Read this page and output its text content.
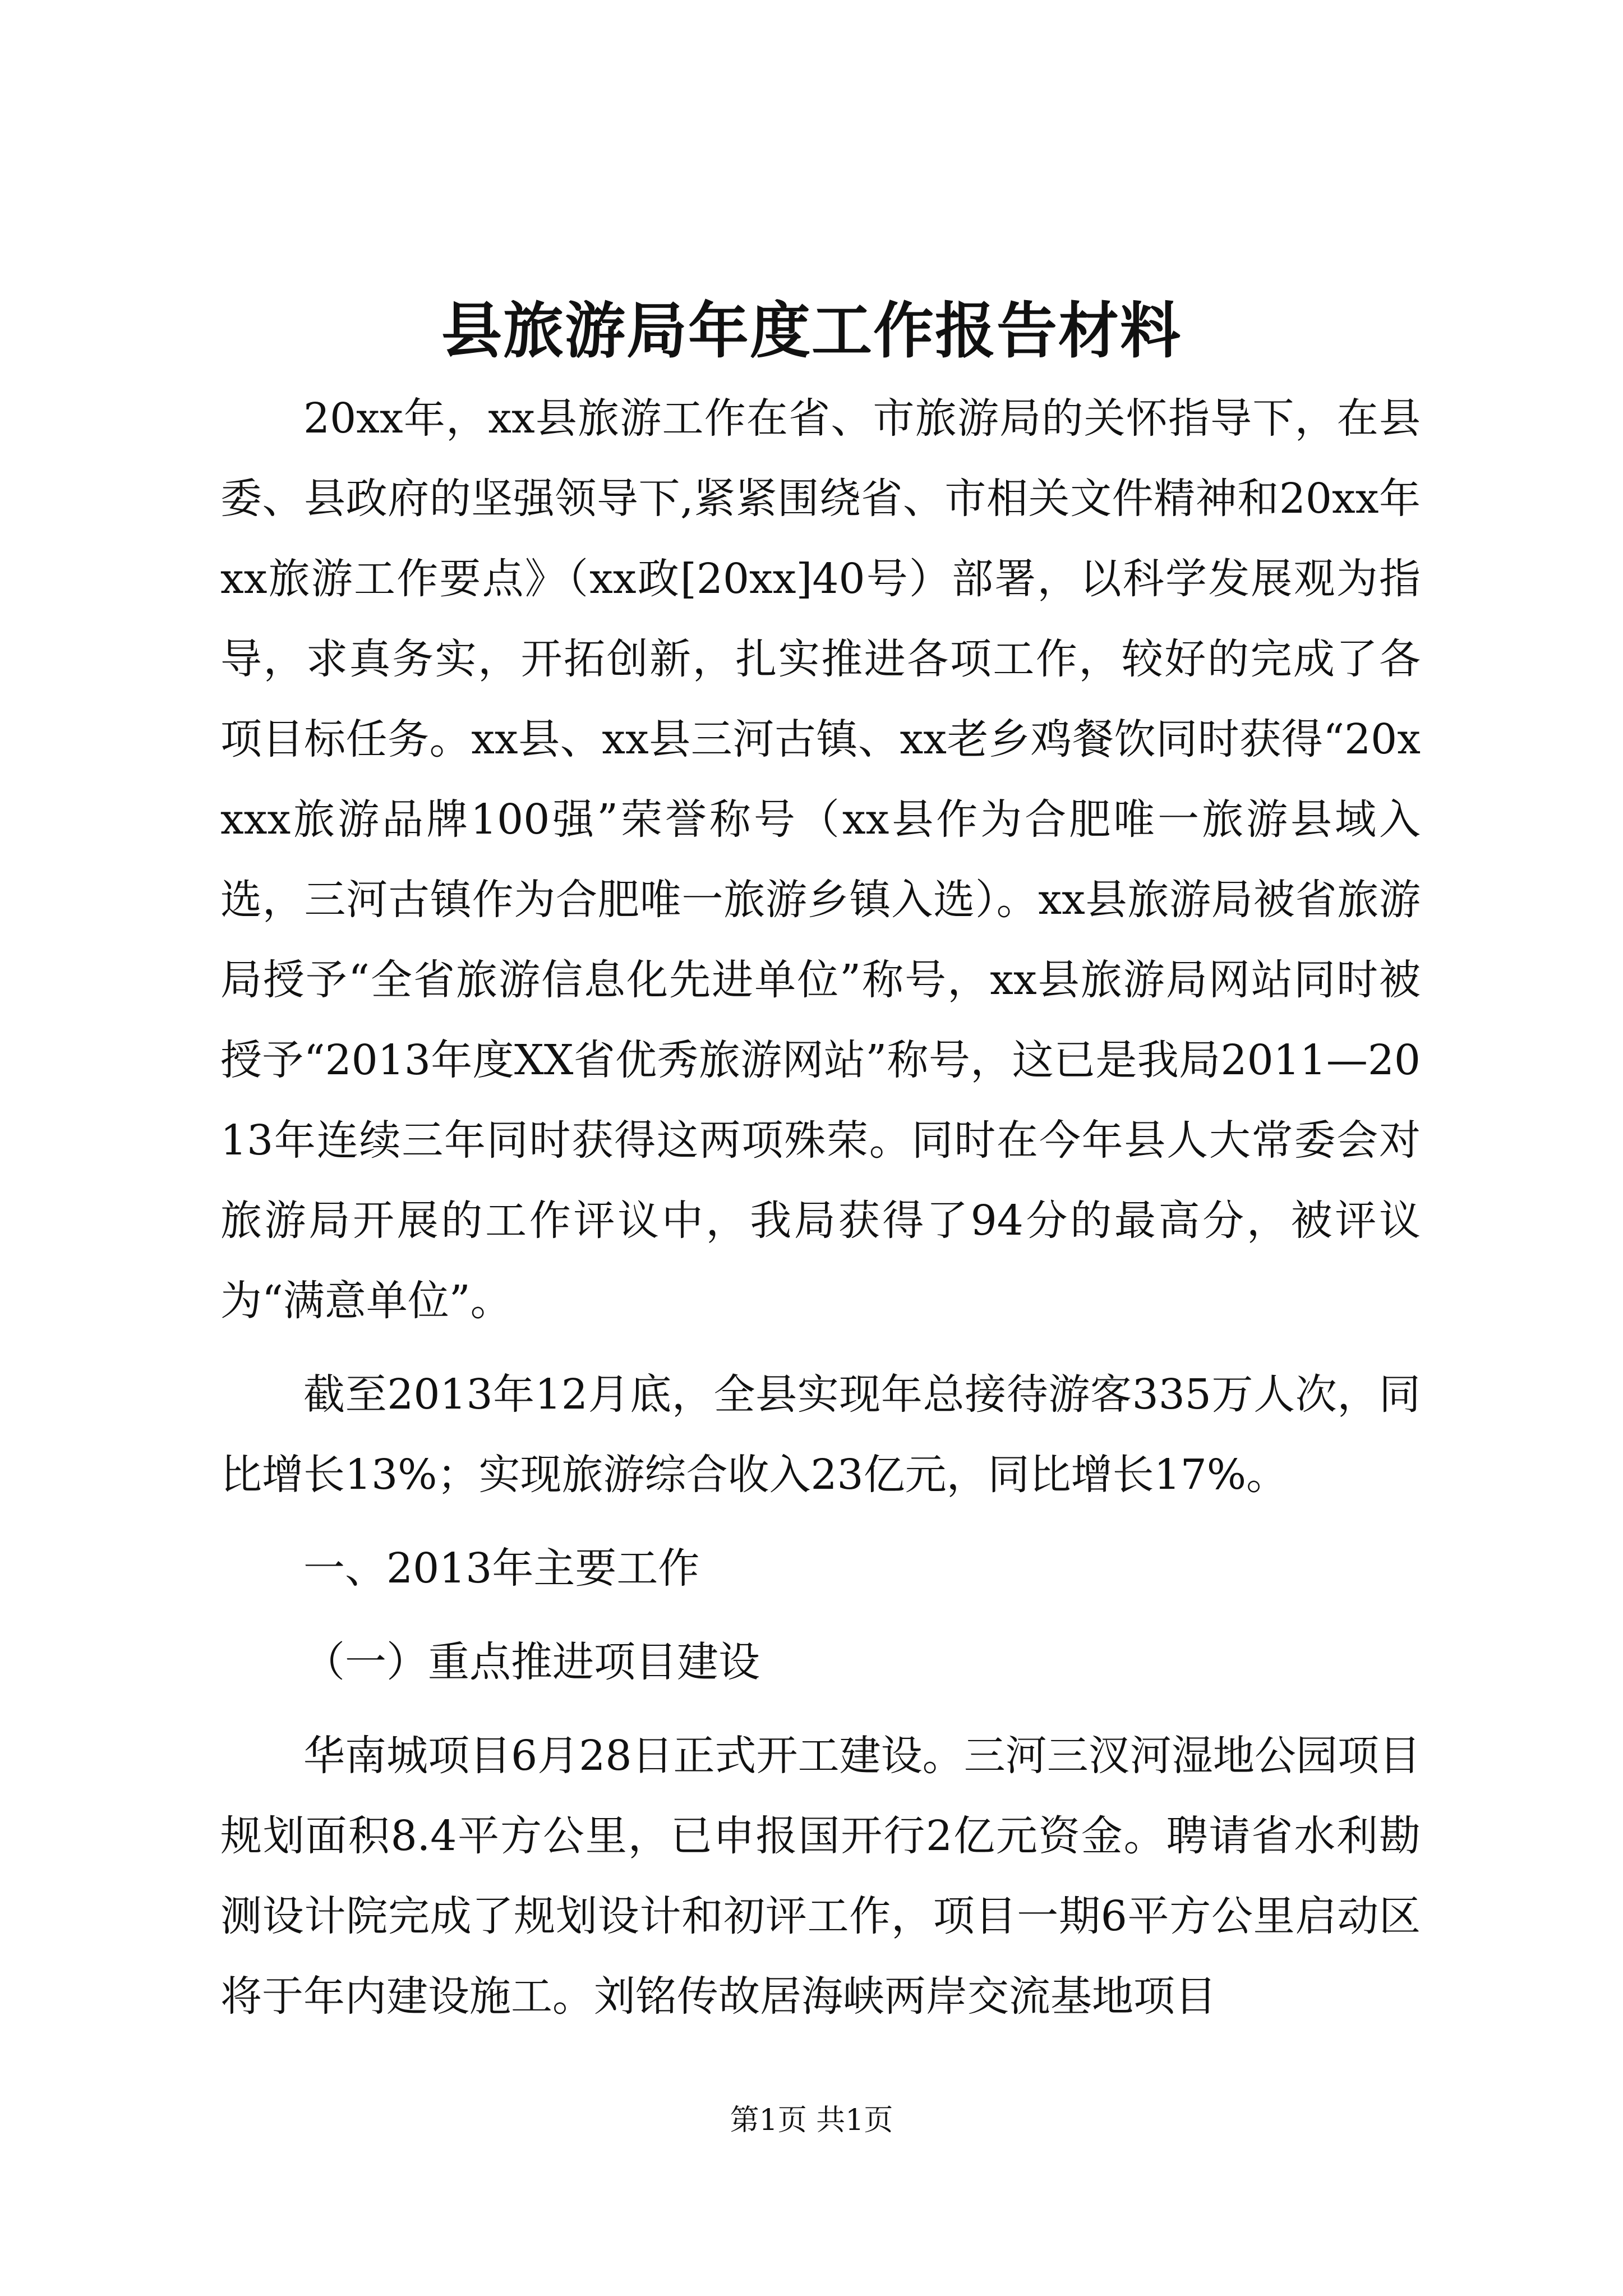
县旅游局年度工作报告材料

20xx年，xx县旅游工作在省、市旅游局的关怀指导下，在县委、县政府的坚强领导下,紧紧围绕省、市相关文件精神和20xx年xx旅游工作要点》（xx政[20xx]40号）部署，以科学发展观为指导，求真务实，开拓创新，扎实推进各项工作，较好的完成了各项目标任务。xx县、xx县三河古镇、xx老乡鸡餐饮同时获得“20xxxx旅游品牌100强”荣誉称号（xx县作为合肥唯一旅游县域入选，三河古镇作为合肥唯一旅游乡镇入选）。xx县旅游局被省旅游局授予“全省旅游信息化先进单位”称号，xx县旅游局网站同时被授予“2013年度XX省优秀旅游网站”称号，这已是我局2011—2013年连续三年同时获得这两项殊荣。同时在今年县人大常委会对旅游局开展的工作评议中，我局获得了94分的最高分，被评议为“满意单位”。

截至2013年12月底，全县实现年总接待游客335万人次，同比增长13%；实现旅游综合收入23亿元，同比增长17%。

一、2013年主要工作

（一）重点推进项目建设

华南城项目6月28日正式开工建设。三河三汊河湿地公园项目规划面积8.4平方公里，已申报国开行2亿元资金。聘请省水利勘测设计院完成了规划设计和初评工作，项目一期6平方公里启动区将于年内建设施工。刘铭传故居海峡两岸交流基地项目

第1页 共1页
